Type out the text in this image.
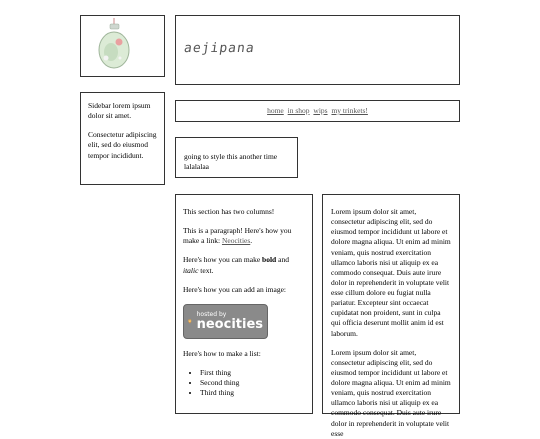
aejipana

Sidebar lorem ipsum dolor sit amet.

Consectetur adipiscing elit, sed do eiusmod tempor incididunt.

home in shop wips my trinkets!
going to style this another time lalalalaa

This section has two columns!

This is a paragraph! Here's how you make a link: Neocities.

Here's how you can make bold and italic text.

Here's how you can add an image:

hosted by
neocities

Here's how to make a list:

• First thing
• Second thing
• Third thing

Lorem ipsum dolor sit amet, consectetur adipiscing elit, sed do eiusmod tempor incididunt ut labore et dolore magna aliqua. Ut enim ad minim veniam, quis nostrud exercitation ullamco laboris nisi ut aliquip ex ea commodo consequat. Duis aute irure dolor in reprehenderit in voluptate velit esse cillum dolore eu fugiat nulla pariatur. Excepteur sint occaecat cupidatat non proident, sunt in culpa qui officia deserunt mollit anim id est laborum.

Lorem ipsum dolor sit amet, consectetur adipiscing elit, sed do eiusmod tempor incididunt ut labore et dolore magna aliqua. Ut enim ad minim veniam, quis nostrud exercitation ullamco laboris nisi ut aliquip ex ea commodo consequat. Duis aute irure dolor in reprehenderit in voluptate velit esse
